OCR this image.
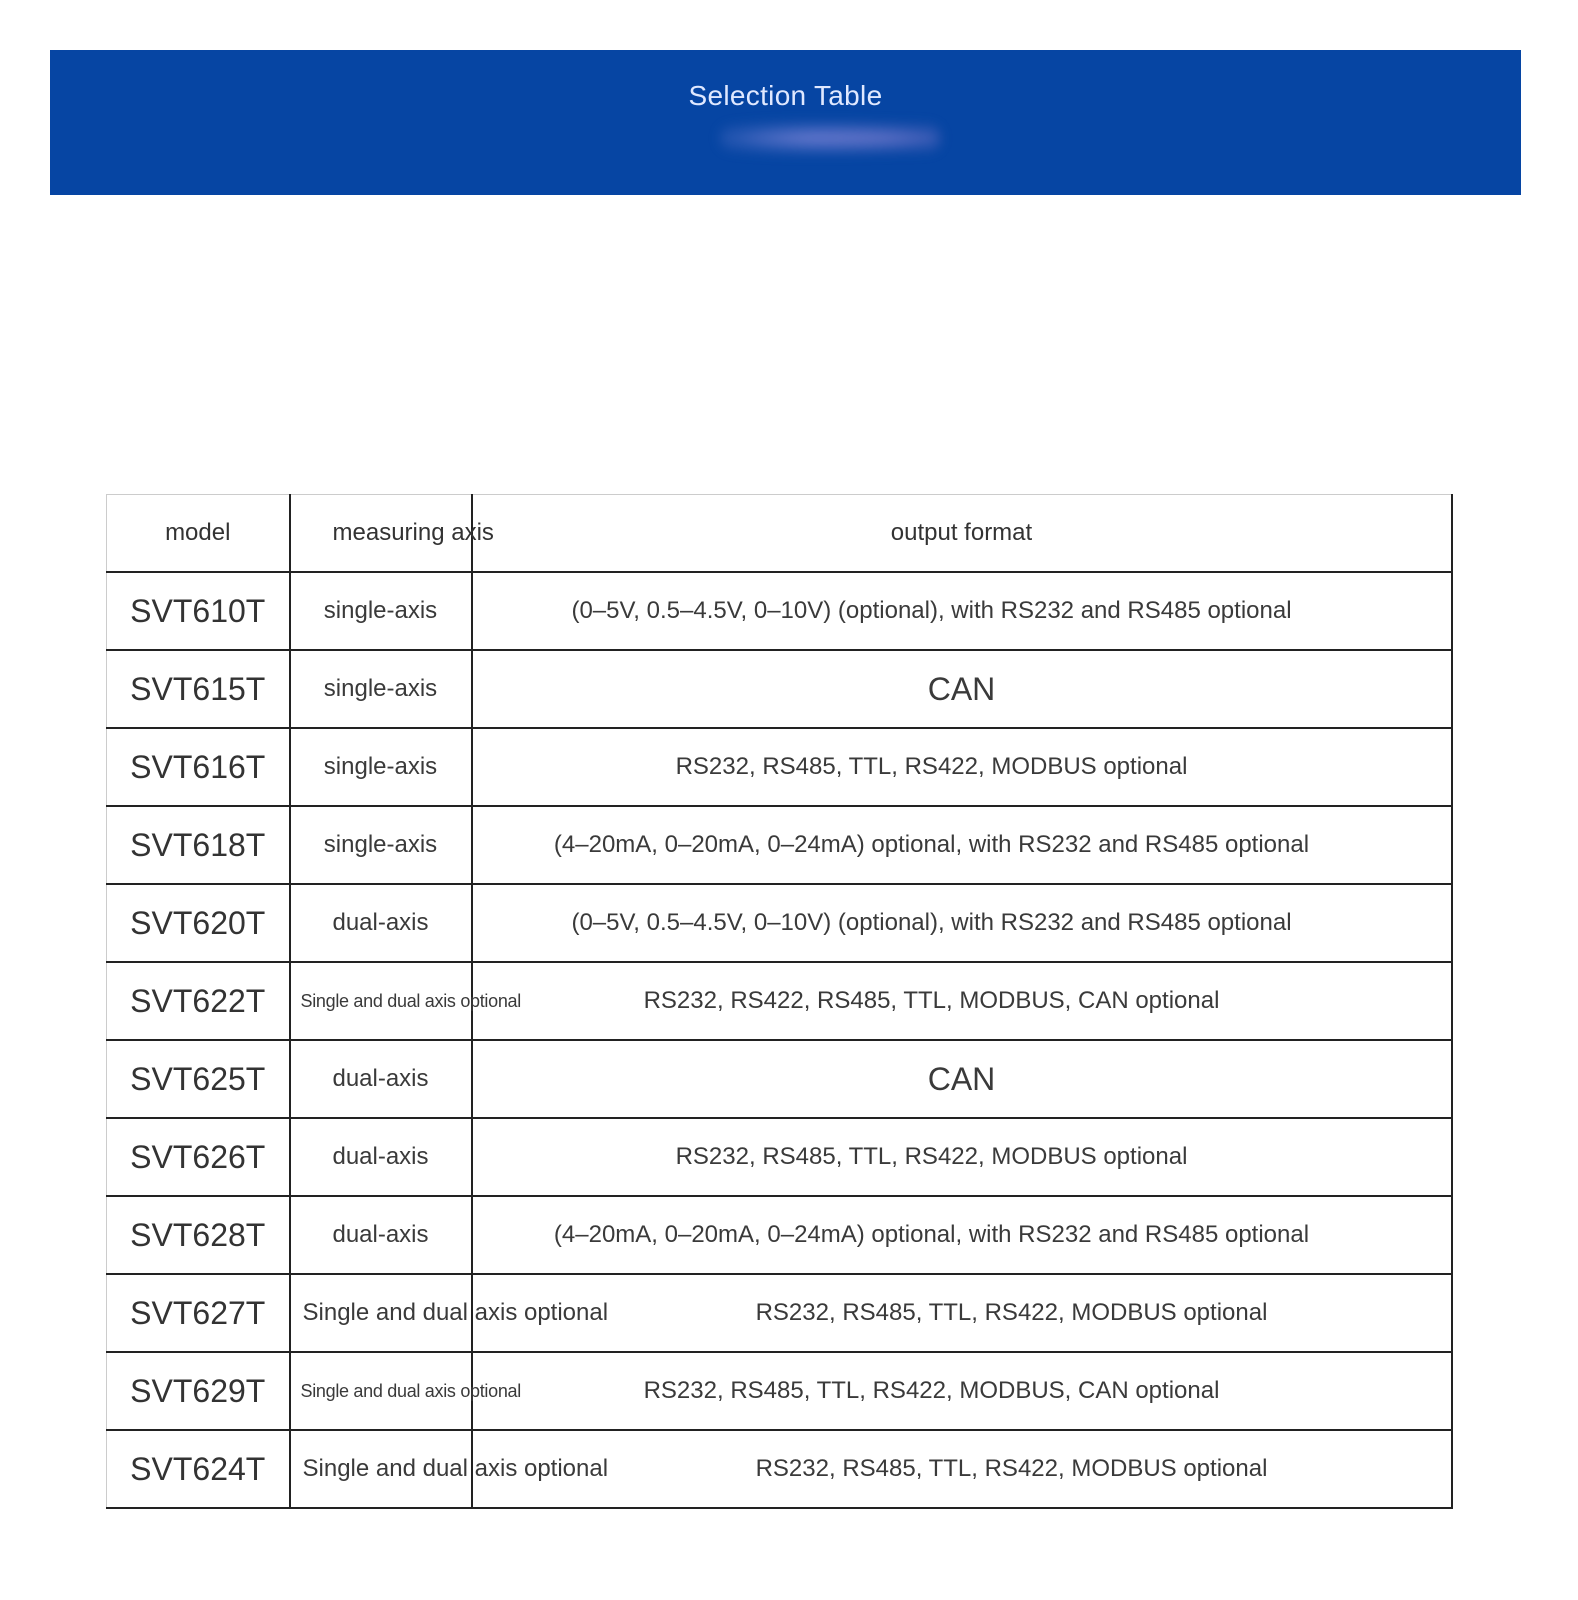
Selection Table
model	measuring axis	output format
SVT610T	single-axis	(0–5V, 0.5–4.5V, 0–10V) (optional), with RS232 and RS485 optional
SVT615T	single-axis	CAN
SVT616T	single-axis	RS232, RS485, TTL, RS422, MODBUS optional
SVT618T	single-axis	(4–20mA, 0–20mA, 0–24mA) optional, with RS232 and RS485 optional
SVT620T	dual-axis	(0–5V, 0.5–4.5V, 0–10V) (optional), with RS232 and RS485 optional
SVT622T	Single and dual axis optional	RS232, RS422, RS485, TTL, MODBUS, CAN optional
SVT625T	dual-axis	CAN
SVT626T	dual-axis	RS232, RS485, TTL, RS422, MODBUS optional
SVT628T	dual-axis	(4–20mA, 0–20mA, 0–24mA) optional, with RS232 and RS485 optional
SVT627T	Single and dual axis optional	RS232, RS485, TTL, RS422, MODBUS optional
SVT629T	Single and dual axis optional	RS232, RS485, TTL, RS422, MODBUS, CAN optional
SVT624T	Single and dual axis optional	RS232, RS485, TTL, RS422, MODBUS optional
